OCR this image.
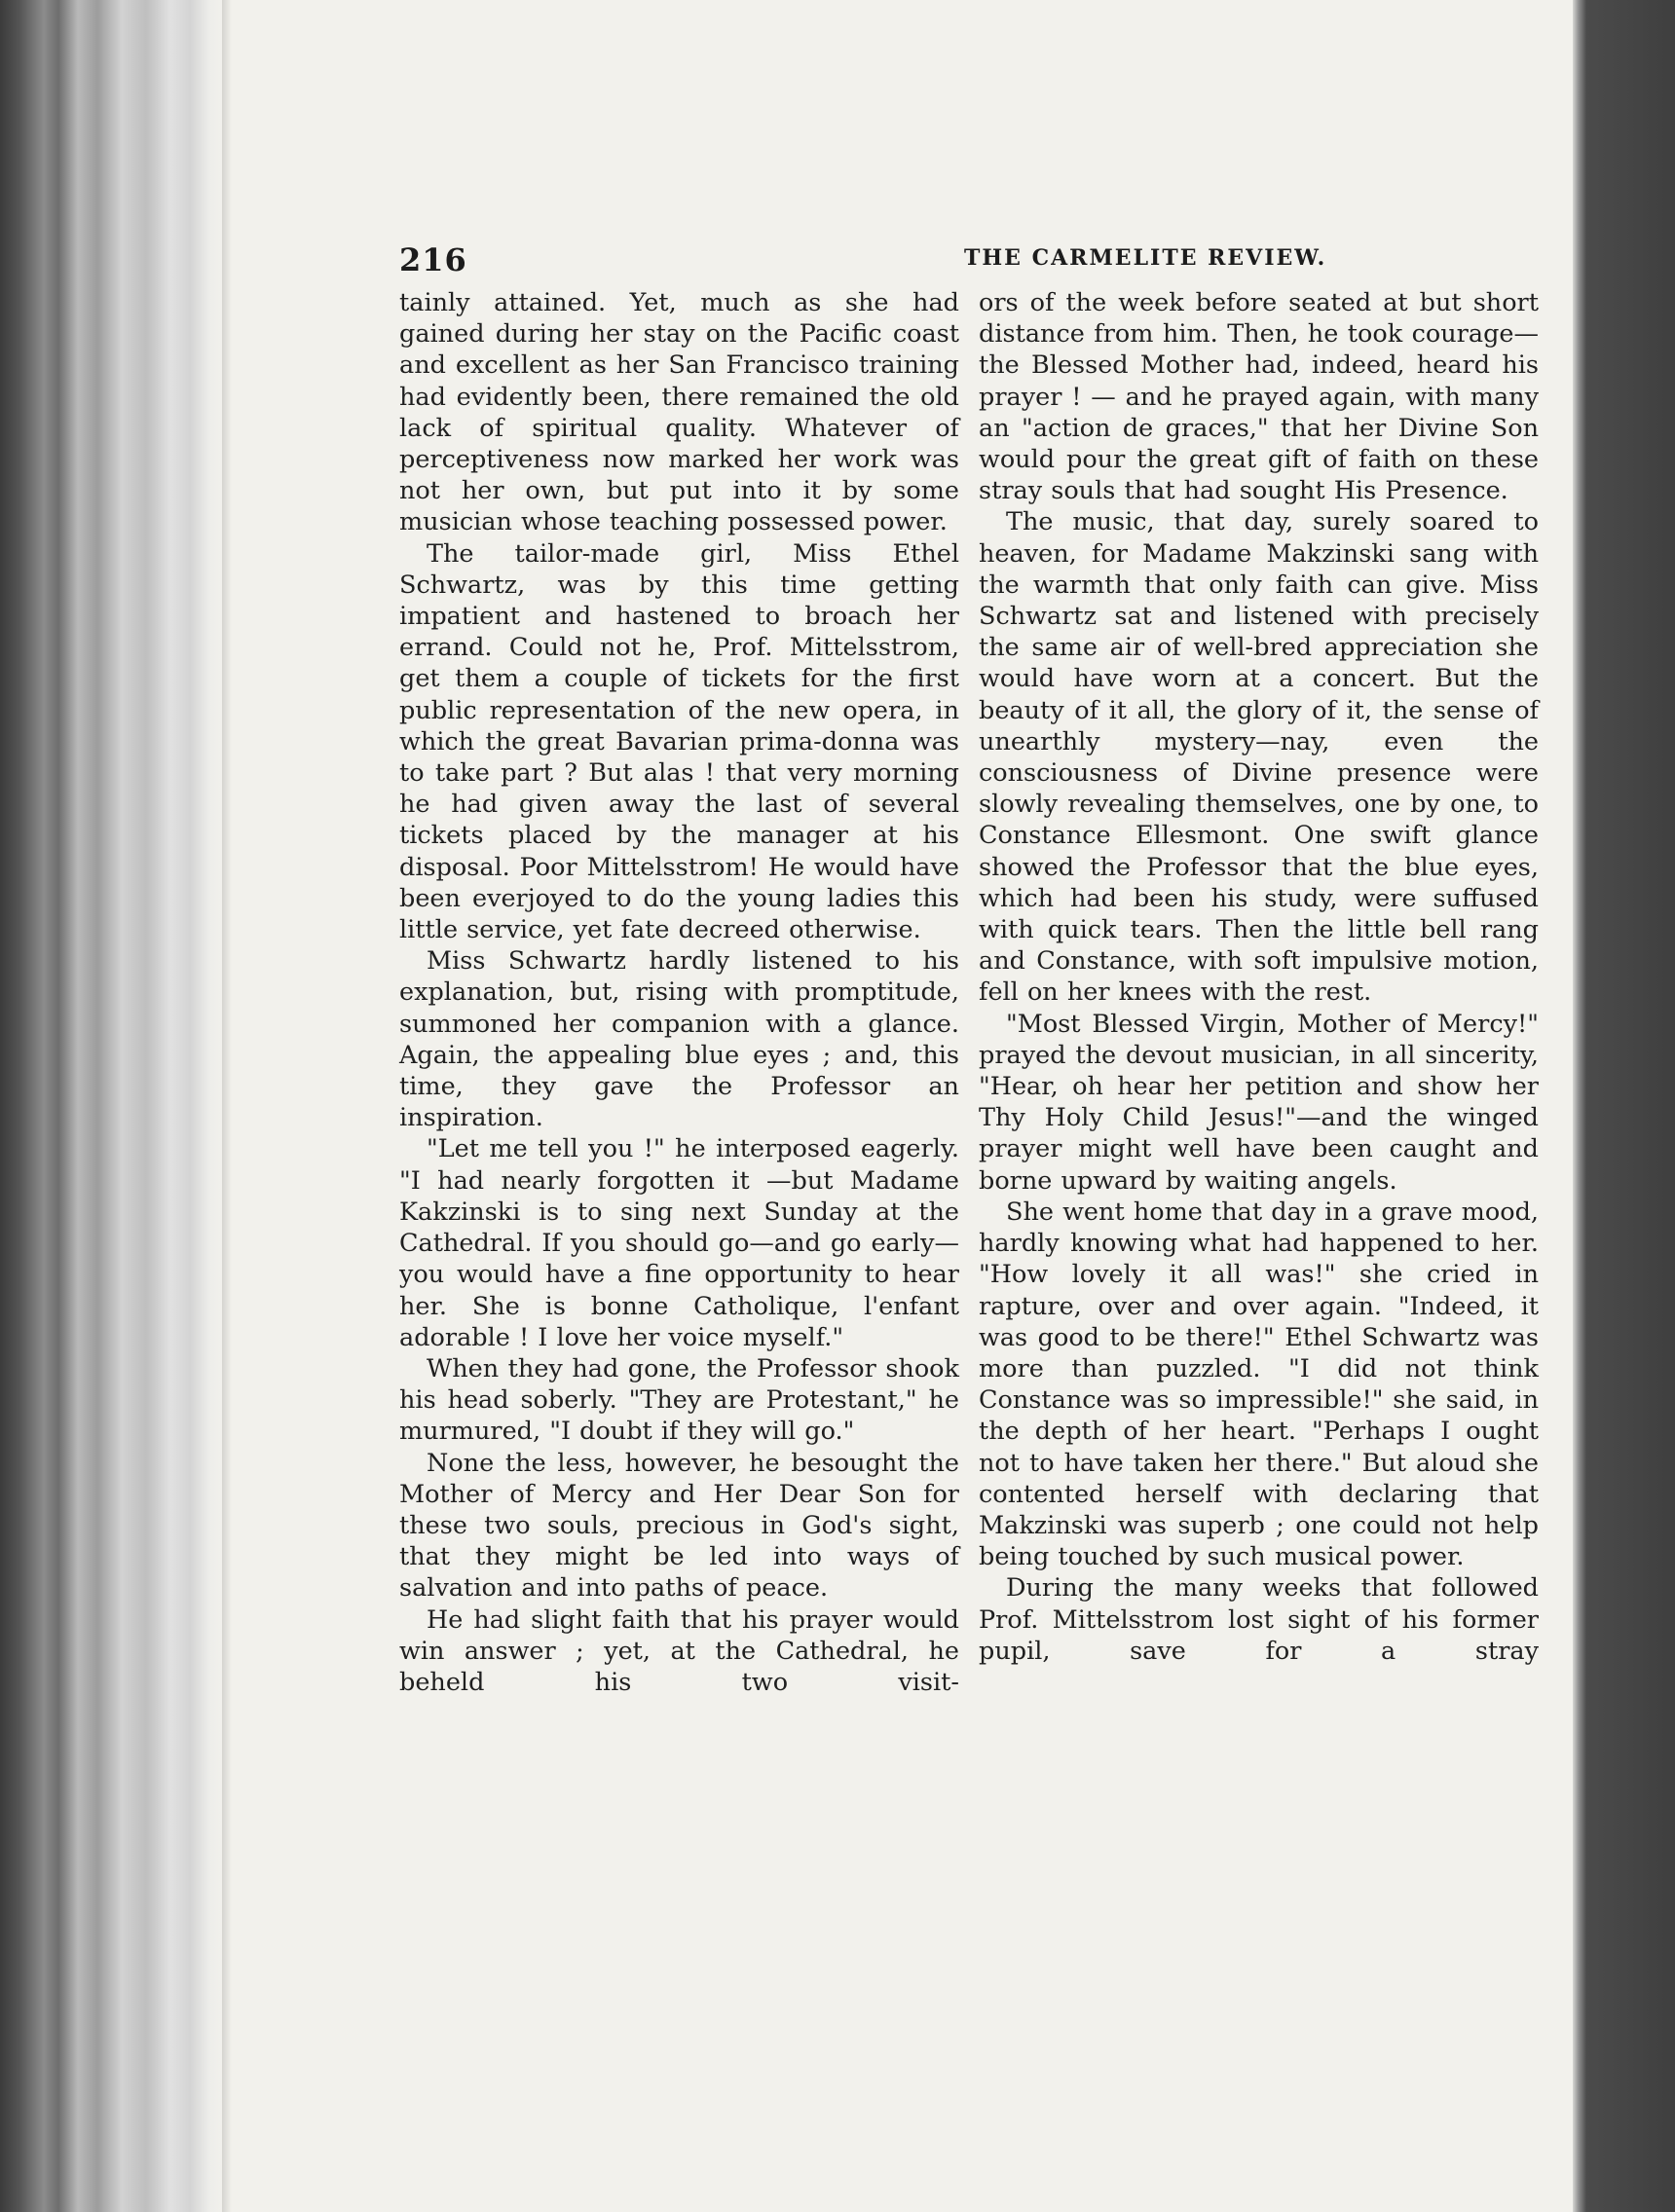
216	THE CARMELITE REVIEW.

tainly attained. Yet, much as she had gained during her stay on the Pacific coast and excellent as her San Francisco training had evidently been, there remained the old lack of spiritual quality. Whatever of perceptiveness now marked her work was not her own, but put into it by some musician whose teaching possessed power.

The tailor-made girl, Miss Ethel Schwartz, was by this time getting impatient and hastened to broach her errand. Could not he, Prof. Mittelsstrom, get them a couple of tickets for the first public representation of the new opera, in which the great Bavarian prima-donna was to take part ? But alas ! that very morning he had given away the last of several tickets placed by the manager at his disposal. Poor Mittelsstrom! He would have been everjoyed to do the young ladies this little service, yet fate decreed otherwise.

Miss Schwartz hardly listened to his explanation, but, rising with promptitude, summoned her companion with a glance. Again, the appealing blue eyes ; and, this time, they gave the Professor an inspiration.

"Let me tell you !" he interposed eagerly. "I had nearly forgotten it —but Madame Kakzinski is to sing next Sunday at the Cathedral. If you should go—and go early—you would have a fine opportunity to hear her. She is bonne Catholique, l'enfant adorable ! I love her voice myself."

When they had gone, the Professor shook his head soberly. "They are Protestant," he murmured, "I doubt if they will go."

None the less, however, he besought the Mother of Mercy and Her Dear Son for these two souls, precious in God's sight, that they might be led into ways of salvation and into paths of peace.

He had slight faith that his prayer would win answer ; yet, at the Cathedral, he beheld his two visit-

ors of the week before seated at but short distance from him. Then, he took courage—the Blessed Mother had, indeed, heard his prayer ! — and he prayed again, with many an "action de graces," that her Divine Son would pour the great gift of faith on these stray souls that had sought His Presence.

The music, that day, surely soared to heaven, for Madame Makzinski sang with the warmth that only faith can give. Miss Schwartz sat and listened with precisely the same air of well-bred appreciation she would have worn at a concert. But the beauty of it all, the glory of it, the sense of unearthly mystery—nay, even the consciousness of Divine presence were slowly revealing themselves, one by one, to Constance Ellesmont. One swift glance showed the Professor that the blue eyes, which had been his study, were suffused with quick tears. Then the little bell rang and Constance, with soft impulsive motion, fell on her knees with the rest.

"Most Blessed Virgin, Mother of Mercy!" prayed the devout musician, in all sincerity, "Hear, oh hear her petition and show her Thy Holy Child Jesus!"—and the winged prayer might well have been caught and borne upward by waiting angels.

She went home that day in a grave mood, hardly knowing what had happened to her. "How lovely it all was!" she cried in rapture, over and over again. "Indeed, it was good to be there!" Ethel Schwartz was more than puzzled. "I did not think Constance was so impressible!" she said, in the depth of her heart. "Perhaps I ought not to have taken her there." But aloud she contented herself with declaring that Makzinski was superb ; one could not help being touched by such musical power.

During the many weeks that followed Prof. Mittelsstrom lost sight of his former pupil, save for a stray
